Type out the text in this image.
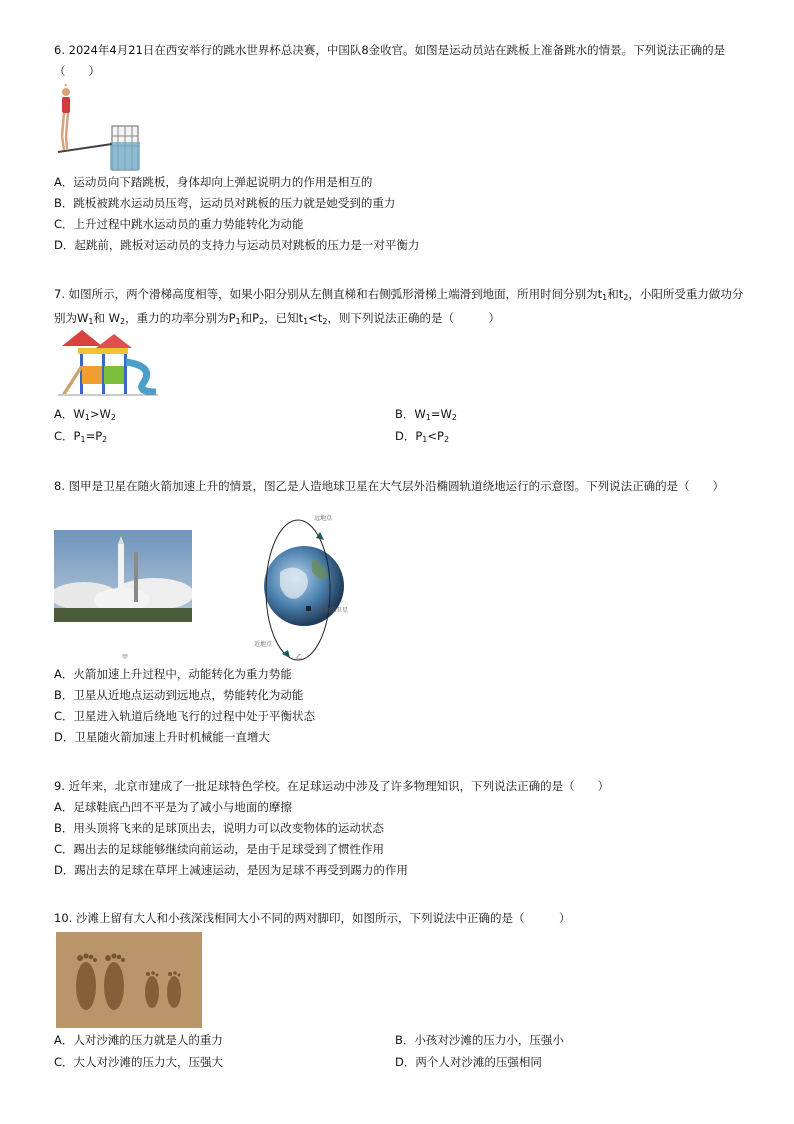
6. 2024年4月21日在西安举行的跳水世界杯总决赛，中国队8金收官。如图是运动员站在跳板上准备跳水的情景。下列说法正确的是（　　）

A．运动员向下踏跳板，身体却向上弹起说明力的作用是相互的
B．跳板被跳水运动员压弯，运动员对跳板的压力就是她受到的重力
C．上升过程中跳水运动员的重力势能转化为动能
D．起跳前，跳板对运动员的支持力与运动员对跳板的压力是一对平衡力

7. 如图所示，两个滑梯高度相等，如果小阳分别从左侧直梯和右侧弧形滑梯上端滑到地面，所用时间分别为$t_1$和$t_2$，小阳所受重力做功分别为$W_1$和 $W_2$，重力的功率分别为$P_1$和$P_2$，已知$t_1<t_2$，则下列说法正确的是（　　　）

A．$W_1>W_2$	B．$W_1=W_2$
C．$P_1=P_2$	D．$P_1<P_2$

8. 图甲是卫星在随火箭加速上升的情景，图乙是人造地球卫星在大气层外沿椭圆轨道绕地运行的示意图。下列说法正确的是（　　）

远地点
人造地球卫星
近地点
甲	乙
A．火箭加速上升过程中，动能转化为重力势能
B．卫星从近地点运动到远地点，势能转化为动能
C．卫星进入轨道后绕地飞行的过程中处于平衡状态
D．卫星随火箭加速上升时机械能一直增大

9. 近年来，北京市建成了一批足球特色学校。在足球运动中涉及了许多物理知识，下列说法正确的是（　　）

A．足球鞋底凸凹不平是为了减小与地面的摩擦
B．用头顶将飞来的足球顶出去，说明力可以改变物体的运动状态
C．踢出去的足球能够继续向前运动，是由于足球受到了惯性作用
D．踢出去的足球在草坪上减速运动，是因为足球不再受到踢力的作用

10. 沙滩上留有大人和小孩深浅相同大小不同的两对脚印，如图所示，下列说法中正确的是（　　　）

A．人对沙滩的压力就是人的重力	B．小孩对沙滩的压力小，压强小
C．大人对沙滩的压力大，压强大	D．两个人对沙滩的压强相同
